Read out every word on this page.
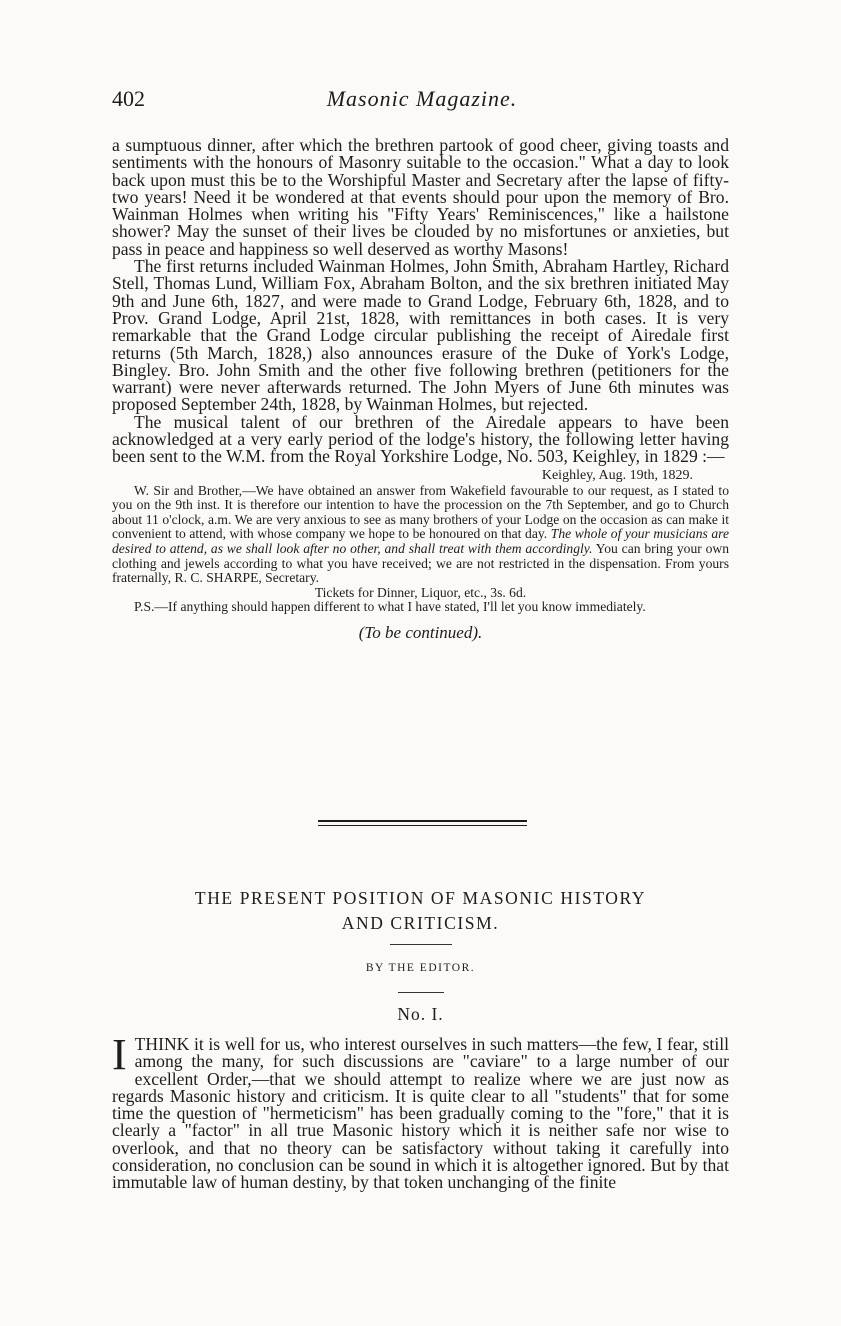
402	Masonic Magazine.

a sumptuous dinner, after which the brethren partook of good cheer, giving toasts and sentiments with the honours of Masonry suitable to the occasion." What a day to look back upon must this be to the Worshipful Master and Secretary after the lapse of fifty-two years! Need it be wondered at that events should pour upon the memory of Bro. Wainman Holmes when writing his "Fifty Years' Reminiscences," like a hailstone shower? May the sunset of their lives be clouded by no misfortunes or anxieties, but pass in peace and happiness so well deserved as worthy Masons!

The first returns included Wainman Holmes, John Smith, Abraham Hartley, Richard Stell, Thomas Lund, William Fox, Abraham Bolton, and the six brethren initiated May 9th and June 6th, 1827, and were made to Grand Lodge, February 6th, 1828, and to Prov. Grand Lodge, April 21st, 1828, with remittances in both cases. It is very remarkable that the Grand Lodge circular publishing the receipt of Airedale first returns (5th March, 1828,) also announces erasure of the Duke of York's Lodge, Bingley. Bro. John Smith and the other five following brethren (petitioners for the warrant) were never afterwards returned. The John Myers of June 6th minutes was proposed September 24th, 1828, by Wainman Holmes, but rejected.

The musical talent of our brethren of the Airedale appears to have been acknowledged at a very early period of the lodge's history, the following letter having been sent to the W.M. from the Royal Yorkshire Lodge, No. 503, Keighley, in 1829 :—

Keighley, Aug. 19th, 1829.

W. Sir and Brother,—We have obtained an answer from Wakefield favourable to our request, as I stated to you on the 9th inst. It is therefore our intention to have the procession on the 7th September, and go to Church about 11 o'clock, a.m. We are very anxious to see as many brothers of your Lodge on the occasion as can make it convenient to attend, with whose company we hope to be honoured on that day. The whole of your musicians are desired to attend, as we shall look after no other, and shall treat with them accordingly. You can bring your own clothing and jewels according to what you have received; we are not restricted in the dispensation. From yours fraternally, R. C. SHARPE, Secretary.

Tickets for Dinner, Liquor, etc., 3s. 6d.

P.S.—If anything should happen different to what I have stated, I'll let you know immediately.

(To be continued).
THE PRESENT POSITION OF MASONIC HISTORY
AND CRITICISM.
BY THE EDITOR.
No. I.

ITHINK it is well for us, who interest ourselves in such matters—the few, I fear, still among the many, for such discussions are "caviare" to a large number of our excellent Order,—that we should attempt to realize where we are just now as regards Masonic history and criticism. It is quite clear to all "students" that for some time the question of "hermeticism" has been gradually coming to the "fore," that it is clearly a "factor" in all true Masonic history which it is neither safe nor wise to overlook, and that no theory can be satisfactory without taking it carefully into consideration, no conclusion can be sound in which it is altogether ignored. But by that immutable law of human destiny, by that token unchanging of the finite
